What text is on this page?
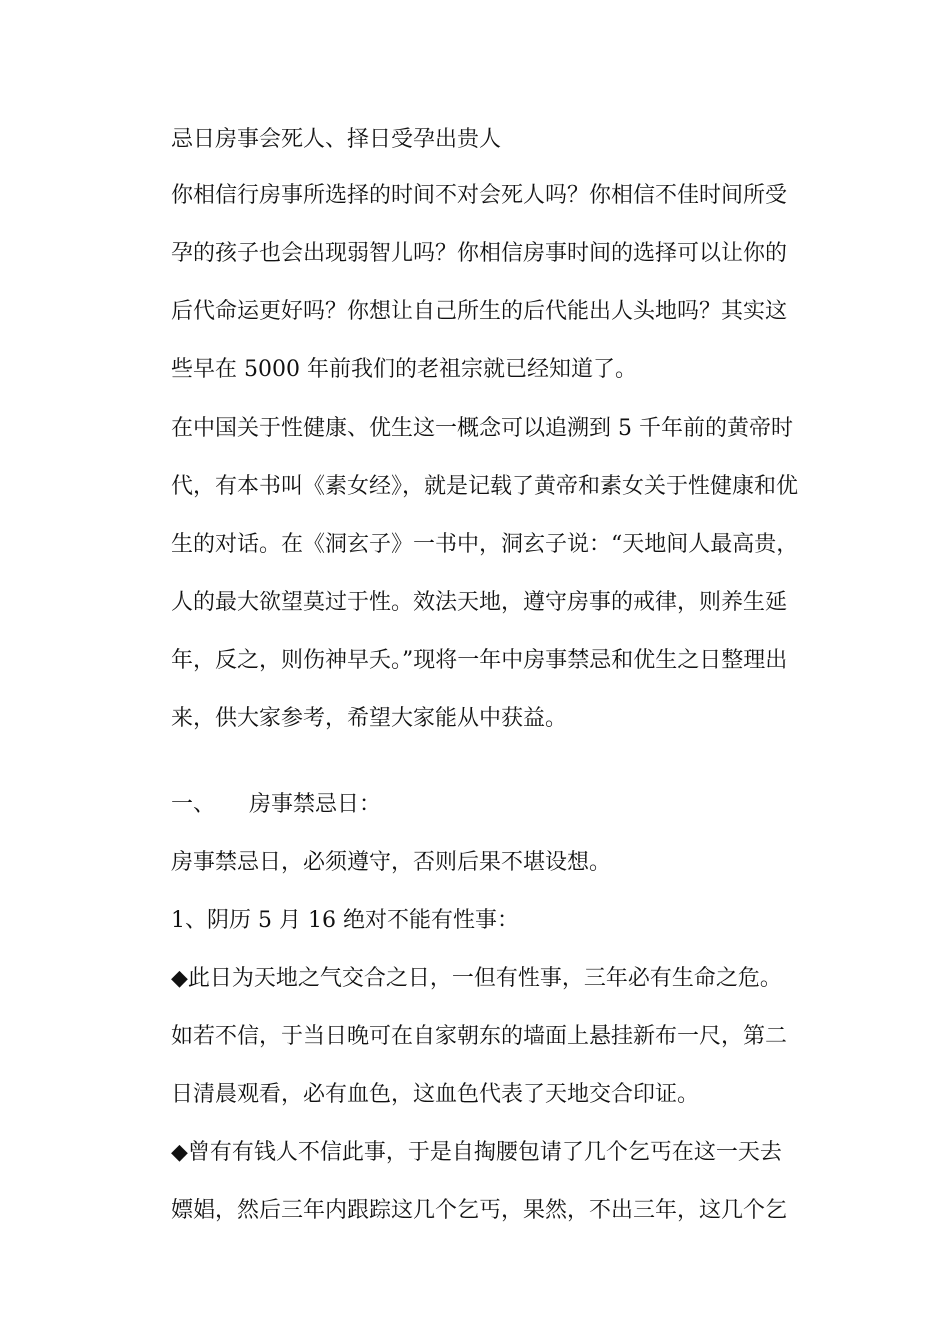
忌日房事会死人、择日受孕出贵人
你相信行房事所选择的时间不对会死人吗？你相信不佳时间所受
孕的孩子也会出现弱智儿吗？你相信房事时间的选择可以让你的
后代命运更好吗？你想让自己所生的后代能出人头地吗？其实这
些早在 5000 年前我们的老祖宗就已经知道了。
在中国关于性健康、优生这一概念可以追溯到 5 千年前的黄帝时
代，有本书叫《素女经》，就是记载了黄帝和素女关于性健康和优
生的对话。在《洞玄子》一书中，洞玄子说：“天地间人最高贵，
人的最大欲望莫过于性。效法天地，遵守房事的戒律，则养生延
年，反之，则伤神早夭。”现将一年中房事禁忌和优生之日整理出
来，供大家参考，希望大家能从中获益。
一、 房事禁忌日：
房事禁忌日，必须遵守，否则后果不堪设想。
1、阴历 5 月 16 绝对不能有性事：
◆此日为天地之气交合之日，一但有性事，三年必有生命之危。
如若不信，于当日晚可在自家朝东的墙面上悬挂新布一尺，第二
日清晨观看，必有血色，这血色代表了天地交合印证。
◆曾有有钱人不信此事，于是自掏腰包请了几个乞丐在这一天去
嫖娼，然后三年内跟踪这几个乞丐，果然，不出三年，这几个乞
